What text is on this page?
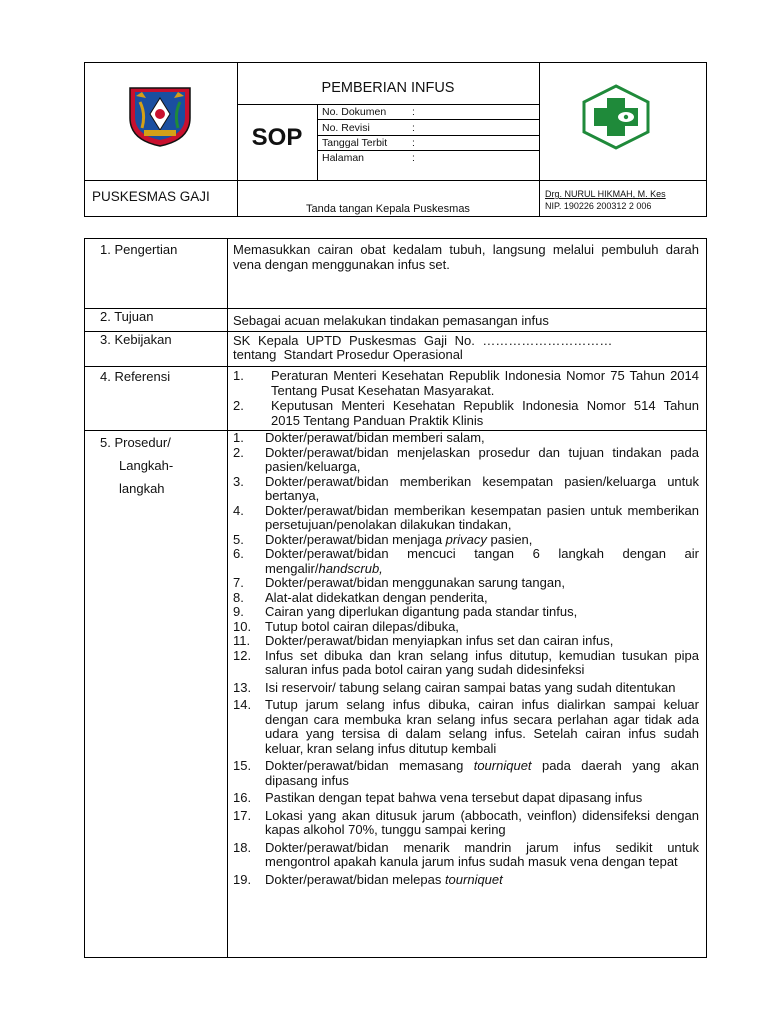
PEMBERIAN INFUS
SOP
No. Dokumen :
No. Revisi	:
Tanggal Terbit :
Halaman	:
PUSKESMAS GAJI
Tanda tangan Kepala Puskesmas
Drg. NURUL HIKMAH, M. Kes
NIP. 190226 200312 2 006
1. Pengertian	Memasukkan cairan obat kedalam tubuh, langsung melalui pembuluh darah vena dengan menggunakan infus set.
2. Tujuan	Sebagai acuan melakukan tindakan pemasangan infus
3. Kebijakan	SK Kepala UPTD Puskesmas Gaji No. …………………………
tentang  Standart Prosedur Operasional
4. Referensi	1. Peraturan Menteri Kesehatan Republik Indonesia Nomor 75 Tahun 2014 Tentang Pusat Kesehatan Masyarakat.
2. Keputusan Menteri Kesehatan Republik Indonesia Nomor 514 Tahun 2015 Tentang Panduan Praktik Klinis
5. Prosedur/
Langkah-
langkah
1. Dokter/perawat/bidan memberi salam,
2. Dokter/perawat/bidan menjelaskan prosedur dan tujuan tindakan pada pasien/keluarga,
3. Dokter/perawat/bidan memberikan kesempatan pasien/keluarga untuk bertanya,
4. Dokter/perawat/bidan memberikan kesempatan pasien untuk memberikan persetujuan/penolakan dilakukan tindakan,
5. Dokter/perawat/bidan menjaga privacy pasien,
6. Dokter/perawat/bidan mencuci tangan 6 langkah dengan air mengalir/handscrub,
7. Dokter/perawat/bidan menggunakan sarung tangan,
8. Alat-alat didekatkan dengan penderita,
9. Cairan yang diperlukan digantung pada standar tinfus,
10. Tutup botol cairan dilepas/dibuka,
11. Dokter/perawat/bidan menyiapkan infus set dan cairan infus,
12. Infus set dibuka dan kran selang infus ditutup, kemudian tusukan pipa saluran infus pada botol cairan yang sudah didesinfeksi
13. Isi reservoir/ tabung selang cairan sampai batas yang sudah ditentukan
14. Tutup jarum selang infus dibuka, cairan infus dialirkan sampai keluar dengan cara membuka kran selang infus secara perlahan agar tidak ada udara yang tersisa di dalam selang infus. Setelah cairan infus sudah keluar, kran selang infus ditutup kembali
15. Dokter/perawat/bidan memasang tourniquet pada daerah yang akan dipasang infus
16. Pastikan dengan tepat bahwa vena tersebut dapat dipasang infus
17. Lokasi yang akan ditusuk jarum (abbocath, veinflon) didensifeksi dengan kapas alkohol 70%, tunggu sampai kering
18. Dokter/perawat/bidan menarik mandrin jarum infus sedikit untuk mengontrol apakah kanula jarum infus sudah masuk vena dengan tepat
19. Dokter/perawat/bidan melepas tourniquet
